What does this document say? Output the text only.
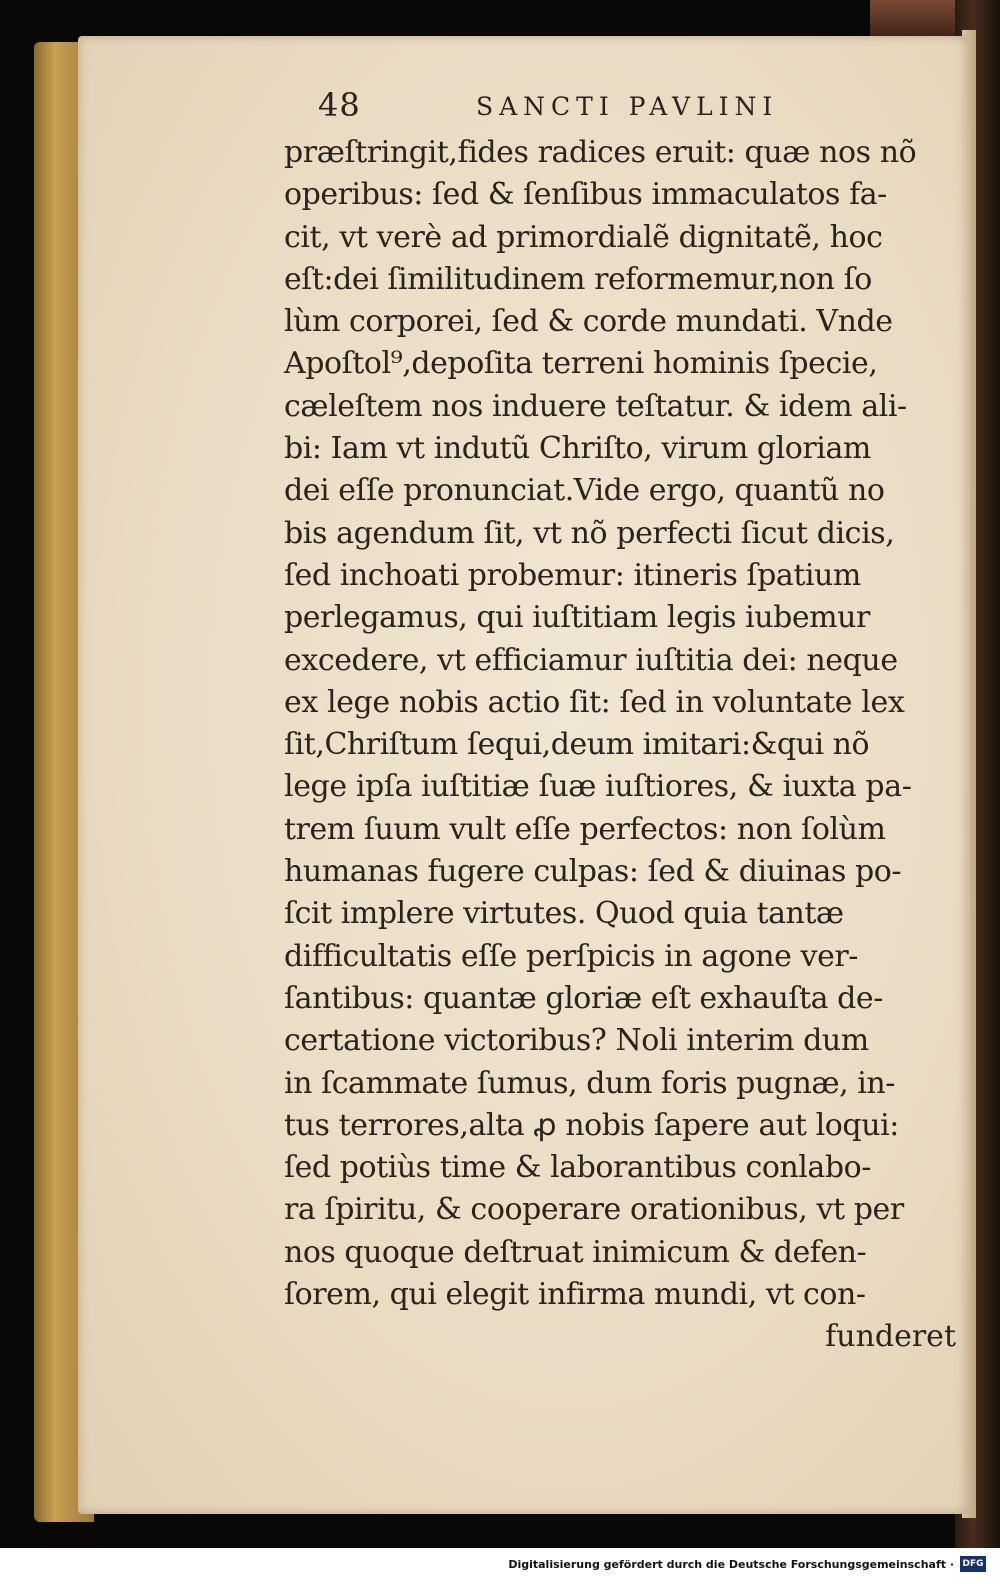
48	SANCTI PAVLINI
præſtringit,fides radices eruit: quæ nos nõ
operibus: ſed & ſenſibus immaculatos fa-
cit, vt verè ad primordialẽ dignitatẽ, hoc
eſt:dei ſimilitudinem reformemur,non ſo
lùm corporei, ſed & corde mundati. Vnde
Apoſtol⁹,depoſita terreni hominis ſpecie,
cæleſtem nos induere teſtatur. & idem ali-
bi: Iam vt indutũ Chriſto, virum gloriam
dei eſſe pronunciat.Vide ergo, quantũ no
bis agendum ſit, vt nõ perfecti ſicut dicis,
ſed inchoati probemur: itineris ſpatium
perlegamus, qui iuſtitiam legis iubemur
excedere, vt efficiamur iuſtitia dei: neque
ex lege nobis actio ſit: ſed in voluntate lex
ſit,Chriſtum ſequi,deum imitari:&qui nõ
lege ipſa iuſtitiæ ſuæ iuſtiores, & iuxta pa-
trem ſuum vult eſſe perfectos: non ſolùm
humanas fugere culpas: ſed & diuinas po-
ſcit implere virtutes. Quod quia tantæ
difficultatis eſſe perſpicis in agone ver-
ſantibus: quantæ gloriæ eſt exhauſta de-
certatione victoribus? Noli interim dum
in ſcammate ſumus, dum foris pugnæ, in-
tus terrores,alta ꝓ nobis ſapere aut loqui:
ſed potiùs time & laborantibus conlabo-
ra ſpiritu, & cooperare orationibus, vt per
nos quoque deſtruat inimicum & defen-
ſorem, qui elegit infirma mundi, vt con-
funderet
Digitalisierung gefördert durch die Deutsche Forschungsgemeinschaft · DFG
